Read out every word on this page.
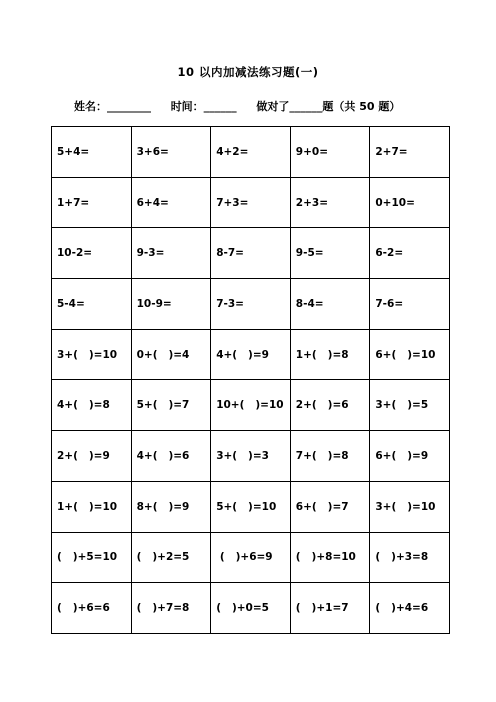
10 以内加减法练习题(一)
姓名：________ 时间：______ 做对了______题（共 50 题）
5+4=	3+6=	4+2=	9+0=	2+7=
1+7=	6+4=	7+3=	2+3=	0+10=
10-2=	9-3=	8-7=	9-5=	6-2=
5-4=	10-9=	7-3=	8-4=	7-6=
3+(   )=10	0+(   )=4	4+(   )=9	1+(   )=8	6+(   )=10
4+(   )=8	5+(   )=7	10+(   )=10	2+(   )=6	3+(   )=5
2+(   )=9	4+(   )=6	3+(   )=3	7+(   )=8	6+(   )=9
1+(   )=10	8+(   )=9	5+(   )=10	6+(   )=7	3+(   )=10
(   )+5=10	(   )+2=5	(   )+6=9	(   )+8=10	(   )+3=8
(   )+6=6	(   )+7=8	(   )+0=5	(   )+1=7	(   )+4=6
